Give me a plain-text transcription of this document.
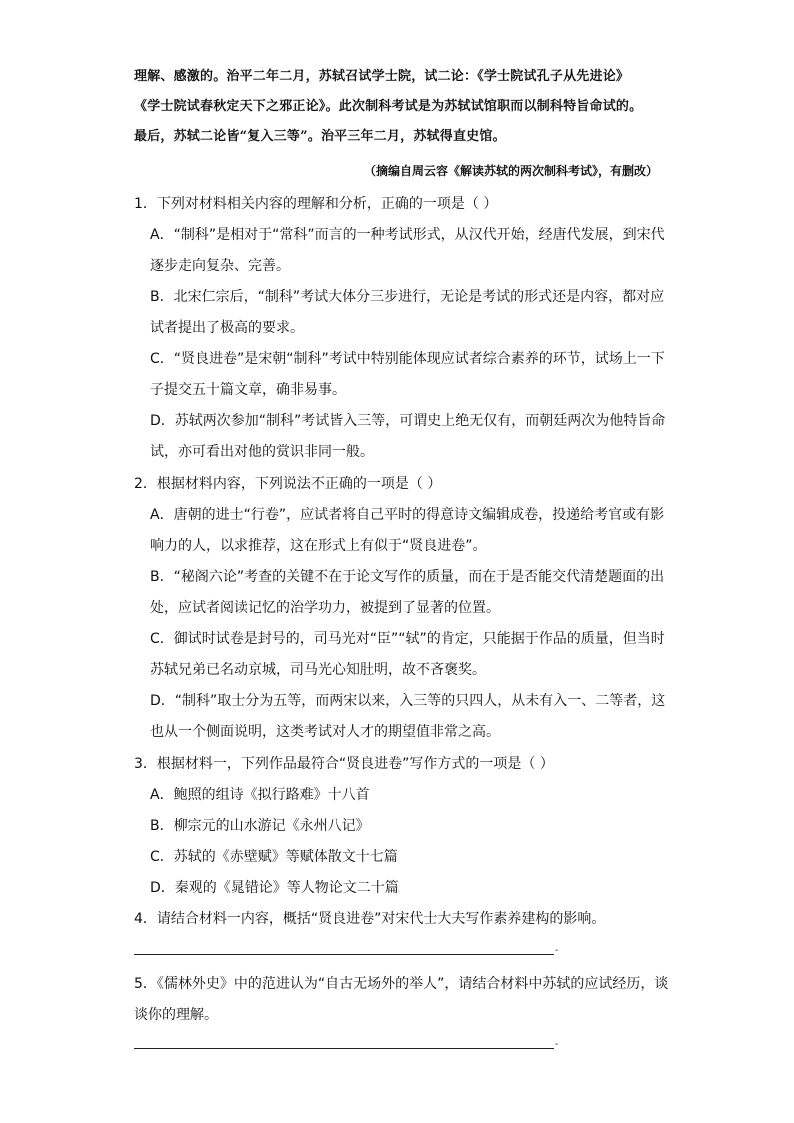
理解、感激的。治平二年二月，苏轼召试学士院，试二论：《学士院试孔子从先进论》
《学士院试春秋定天下之邪正论》。此次制科考试是为苏轼试馆职而以制科特旨命试的。
最后，苏轼二论皆“复入三等”。治平三年二月，苏轼得直史馆。
（摘编自周云容《解读苏轼的两次制科考试》，有删改）
1．下列对材料相关内容的理解和分析，正确的一项是（ ）
A．“制科”是相对于“常科”而言的一种考试形式，从汉代开始，经唐代发展，到宋代
逐步走向复杂、完善。
B．北宋仁宗后，“制科”考试大体分三步进行，无论是考试的形式还是内容，都对应
试者提出了极高的要求。
C．“贤良进卷”是宋朝“制科”考试中特别能体现应试者综合素养的环节，试场上一下
子提交五十篇文章，确非易事。
D．苏轼两次参加“制科”考试皆入三等，可谓史上绝无仅有，而朝廷两次为他特旨命
试，亦可看出对他的赏识非同一般。
2．根据材料内容，下列说法不正确的一项是（ ）
A．唐朝的进士“行卷”，应试者将自己平时的得意诗文编辑成卷，投递给考官或有影
响力的人，以求推荐，这在形式上有似于“贤良进卷”。
B．“秘阁六论”考查的关键不在于论文写作的质量，而在于是否能交代清楚题面的出
处，应试者阅读记忆的治学功力，被提到了显著的位置。
C．御试时试卷是封号的，司马光对“臣”“轼”的肯定，只能据于作品的质量，但当时
苏轼兄弟已名动京城，司马光心知肚明，故不吝褒奖。
D．“制科”取士分为五等，而两宋以来，入三等的只四人，从未有入一、二等者，这
也从一个侧面说明，这类考试对人才的期望值非常之高。
3．根据材料一，下列作品最符合“贤良进卷”写作方式的一项是（ ）
A．鲍照的组诗《拟行路难》十八首
B．柳宗元的山水游记《永州八记》
C．苏轼的《赤壁赋》等赋体散文十七篇
D．秦观的《晁错论》等人物论文二十篇
4．请结合材料一内容，概括“贤良进卷”对宋代士大夫写作素养建构的影响。
-
5．《儒林外史》中的范进认为“自古无场外的举人”，请结合材料中苏轼的应试经历，谈
谈你的理解。
-
